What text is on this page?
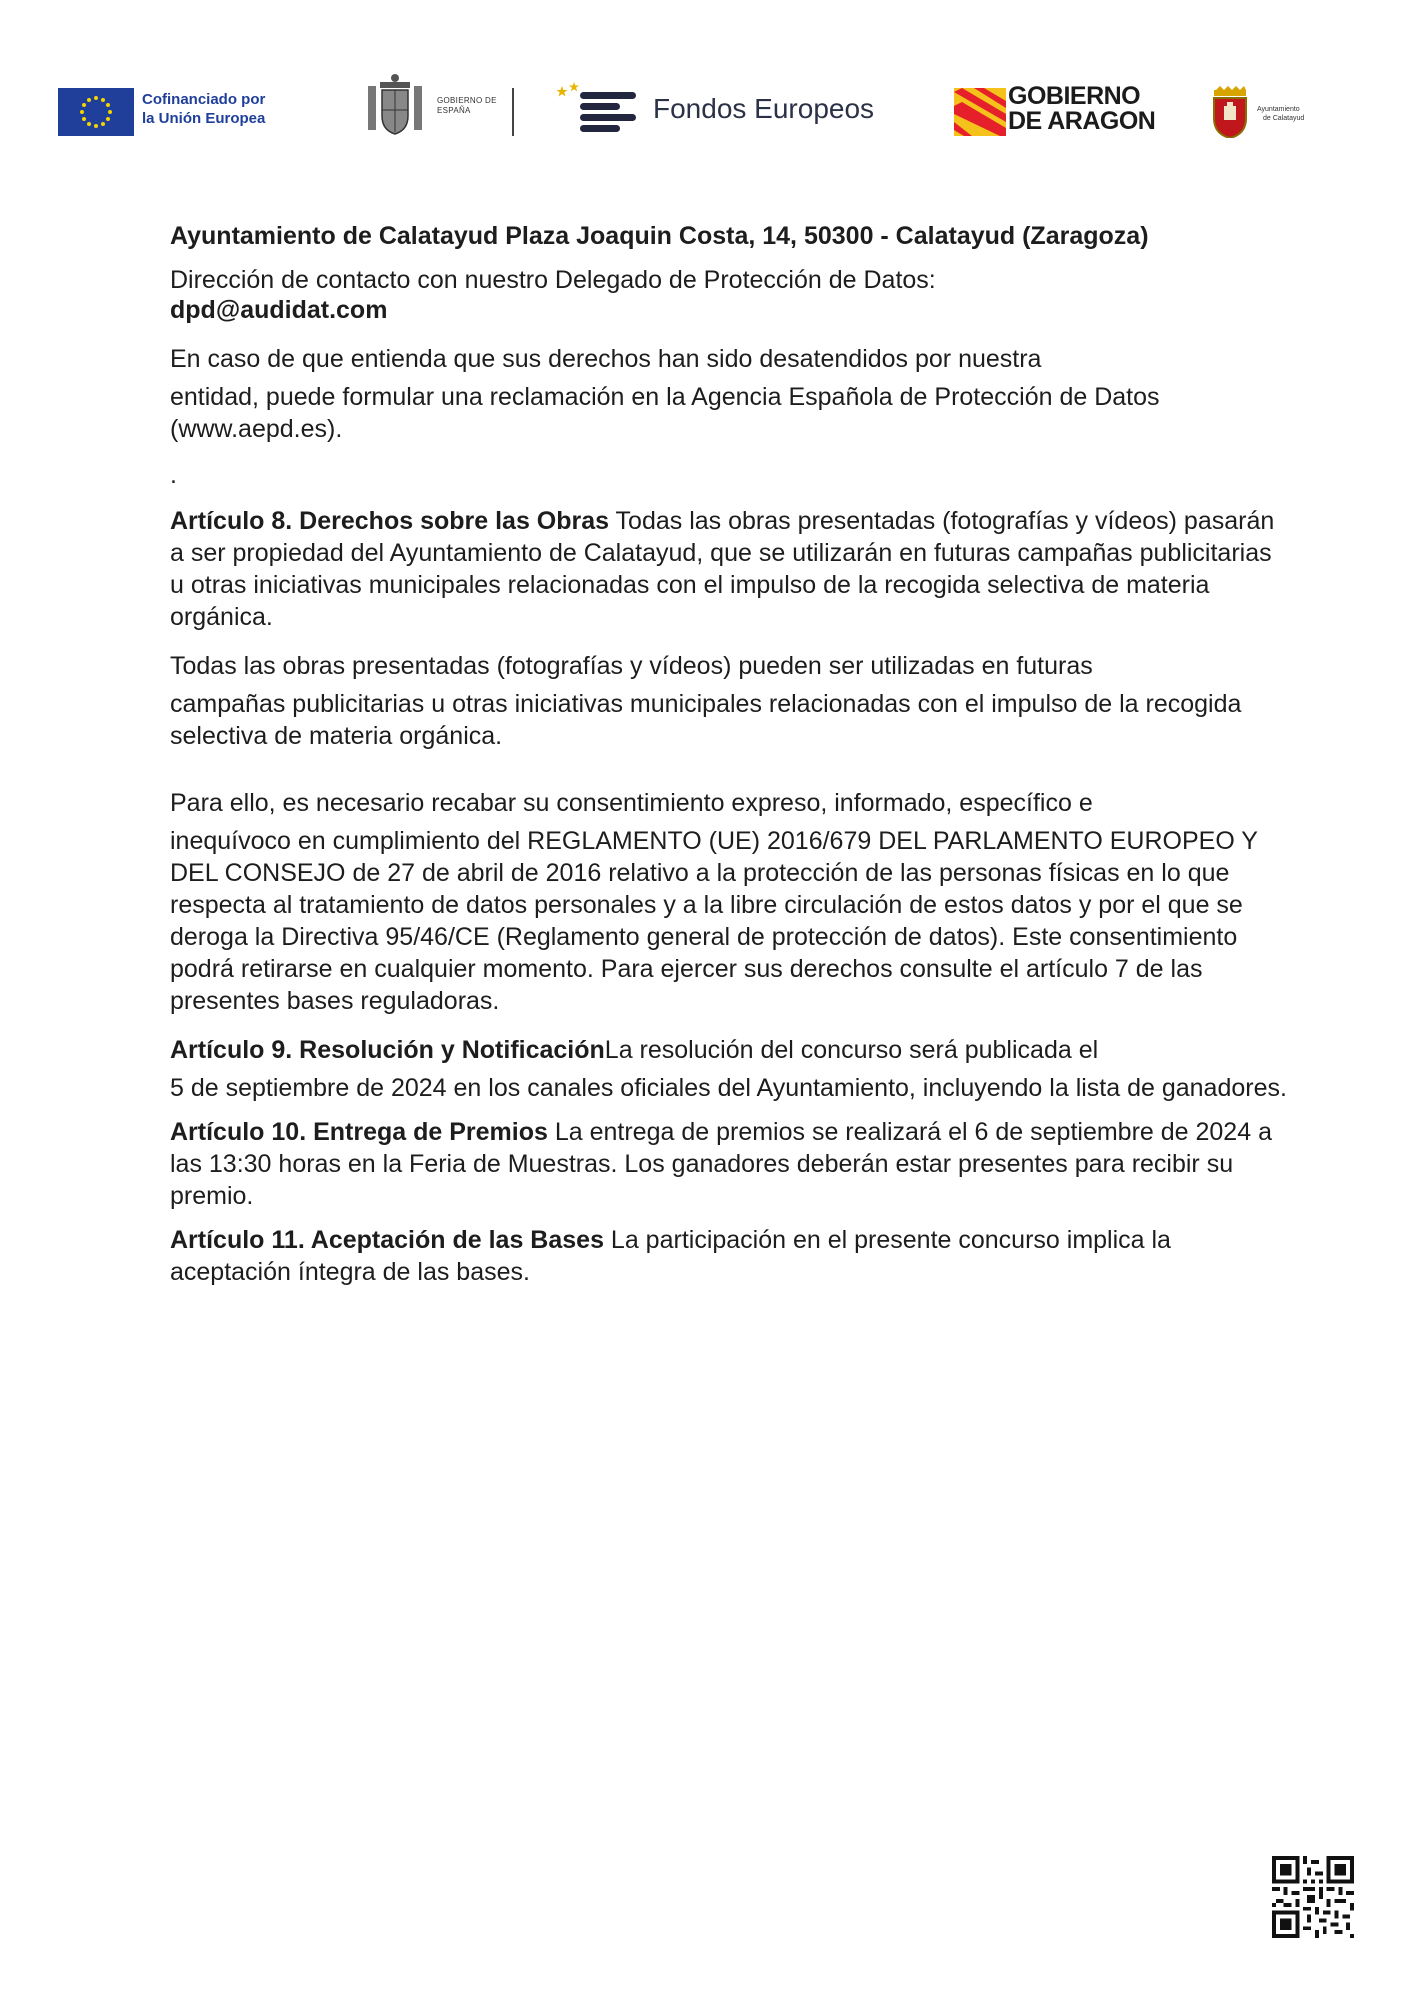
Cofinanciado por
la Unión Europea
GOBIERNO DE ESPAÑA	Fondos Europeos	GOBIERNO
DE ARAGON	Ayuntamiento
de Calatayud

Ayuntamiento de Calatayud Plaza Joaquin Costa, 14, 50300 - Calatayud (Zaragoza)

Dirección de contacto con nuestro Delegado de Protección de Datos:

dpd@audidat.com

En caso de que entienda que sus derechos han sido desatendidos por nuestra

entidad, puede formular una reclamación en la Agencia Española de Protección de Datos (www.aepd.es).

.

Artículo 8. Derechos sobre las Obras Todas las obras presentadas (fotografías y vídeos) pasarán a ser propiedad del Ayuntamiento de Calatayud, que se utilizarán en futuras campañas publicitarias u otras iniciativas municipales relacionadas con el impulso de la recogida selectiva de materia orgánica.

Todas las obras presentadas (fotografías y vídeos) pueden ser utilizadas en futuras

campañas publicitarias u otras iniciativas municipales relacionadas con el impulso de la recogida selectiva de materia orgánica.

Para ello, es necesario recabar su consentimiento expreso, informado, específico e

inequívoco en cumplimiento del REGLAMENTO (UE) 2016/679 DEL PARLAMENTO EUROPEO Y DEL CONSEJO de 27 de abril de 2016 relativo a la protección de las personas físicas en lo que respecta al tratamiento de datos personales y a la libre circulación de estos datos y por el que se deroga la Directiva 95/46/CE (Reglamento general de protección de datos). Este consentimiento podrá retirarse en cualquier momento. Para ejercer sus derechos consulte el artículo 7 de las presentes bases reguladoras.

Artículo 9. Resolución y NotificaciónLa resolución del concurso será publicada el

5 de septiembre de 2024 en los canales oficiales del Ayuntamiento, incluyendo la lista de ganadores.

Artículo 10. Entrega de Premios La entrega de premios se realizará el 6 de septiembre de 2024 a las 13:30 horas en la Feria de Muestras. Los ganadores deberán estar presentes para recibir su premio.

Artículo 11. Aceptación de las Bases La participación en el presente concurso implica la aceptación íntegra de las bases.
